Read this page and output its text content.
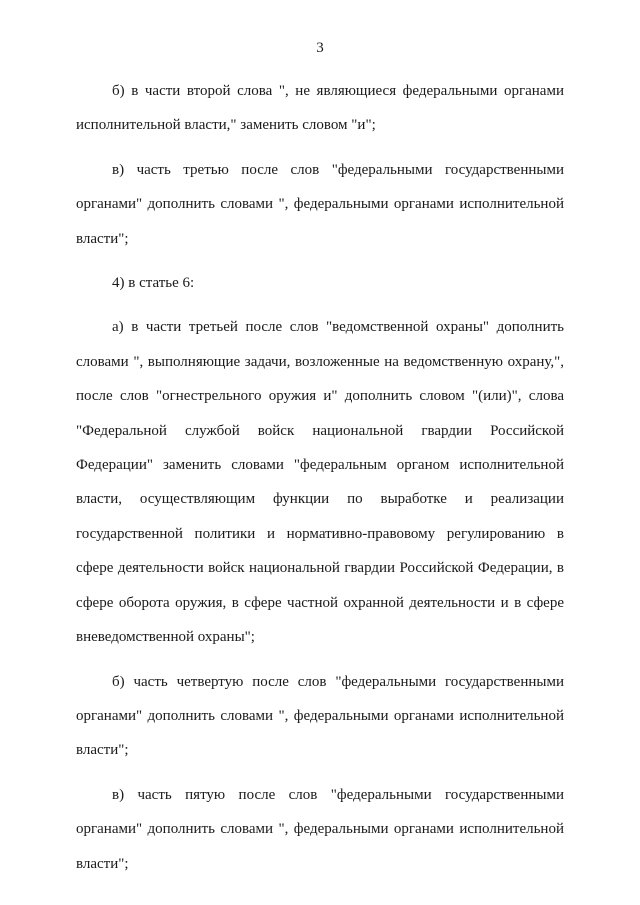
3

б) в части второй слова ", не являющиеся федеральными органами исполнительной власти," заменить словом "и";

в) часть третью после слов "федеральными государственными органами" дополнить словами ", федеральными органами исполнительной власти";

4) в статье 6:

а) в части третьей после слов "ведомственной охраны" дополнить словами ", выполняющие задачи, возложенные на ведомственную охрану,", после слов "огнестрельного оружия и" дополнить словом "(или)", слова "Федеральной службой войск национальной гвардии Российской Федерации" заменить словами "федеральным органом исполнительной власти, осуществляющим функции по выработке и реализации государственной политики и нормативно-правовому регулированию в сфере деятельности войск национальной гвардии Российской Федерации, в сфере оборота оружия, в сфере частной охранной деятельности и в сфере вневедомственной охраны";

б) часть четвертую после слов "федеральными государственными органами" дополнить словами ", федеральными органами исполнительной власти";

в) часть пятую после слов "федеральными государственными органами" дополнить словами ", федеральными органами исполнительной власти";
